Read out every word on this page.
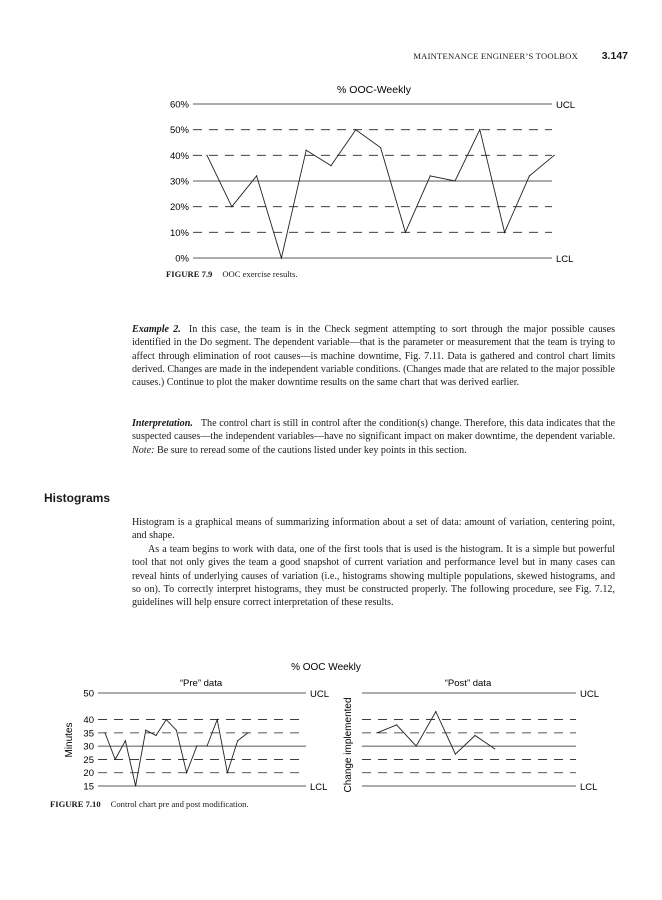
MAINTENANCE ENGINEER’S TOOLBOX 3.147
% OOC-Weekly
UCL
LCL
0%
10%
20%
30%
40%
50%
60%
FIGURE 7.9 OOC exercise results.
Example 2. In this case, the team is in the Check segment attempting to sort through the major possible causes identified in the Do segment. The dependent variable—that is the parameter or measurement that the team is trying to affect through elimination of root causes—is machine downtime, Fig. 7.11. Data is gathered and control chart limits derived. Changes are made in the independent variable conditions. (Changes made that are related to the major possible causes.) Continue to plot the maker downtime results on the same chart that was derived earlier.
Interpretation. The control chart is still in control after the condition(s) change. Therefore, this data indicates that the suspected causes—the independent variables—have no significant impact on maker downtime, the dependent variable. Note: Be sure to reread some of the cautions listed under key points in this section.
Histograms
Histogram is a graphical means of summarizing information about a set of data: amount of variation, centering point, and shape.
As a team begins to work with data, one of the first tools that is used is the histogram. It is a simple but powerful tool that not only gives the team a good snapshot of current variation and performance level but in many cases can reveal hints of underlying causes of variation (i.e., histograms showing multiple populations, skewed histograms, and so on). To correctly interpret histograms, they must be constructed properly. The following procedure, see Fig. 7.12, guidelines will help ensure correct interpretation of these results.
% OOC Weekly
“Pre” data	“Post” data
UCL
LCL
15
20
25
30
35
40
50
Minutes
UCL
LCL
Change implemented
FIGURE 7.10 Control chart pre and post modification.
